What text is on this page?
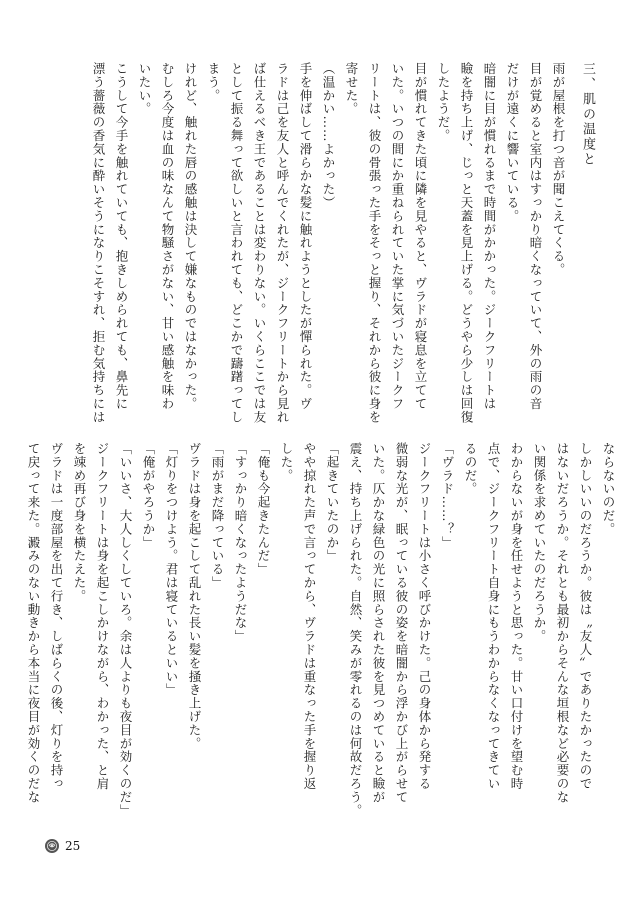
三、肌の温度と

雨が屋根を打つ音が聞こえてくる。

目が覚めると室内はすっかり暗くなっていて、外の雨の音

だけが遠くに響いている。

暗闇に目が慣れるまで時間がかかった。ジークフリートは

瞼を持ち上げ、じっと天蓋を見上げる。どうやら少しは回復

したようだ。

目が慣れてきた頃に隣を見やると、ヴラドが寝息を立てて

いた。いつの間にか重ねられていた掌に気づいたジークフ

リートは、彼の骨張った手をそっと握り、それから彼に身を

寄せた。

（温かい……よかった）

手を伸ばして滑らかな髪に触れようとしたが憚られた。ヴ

ラドは己を友人と呼んでくれたが、ジークフリートから見れ

ば仕えるべき王であることは変わりない。いくらここでは友

として振る舞って欲しいと言われても、どこかで躊躇ってし

まう。

けれど、触れた唇の感触は決して嫌なものではなかった。

むしろ今度は血の味なんて物騒さがない、甘い感触を味わ

いたい。

こうして今手を触れていても、抱きしめられても、鼻先に

漂う薔薇の香気に酔いそうになりこそすれ、拒む気持ちには

ならないのだ。

しかしいいのだろうか。彼は〝友人〟でありたかったので

はないだろうか。それとも最初からそんな垣根など必要のな

い関係を求めていたのだろうか。

わからないが身を任せようと思った。甘い口付けを望む時

点で、ジークフリート自身にもうわからなくなってきてい

るのだ。

「ヴラド……？」

ジークフリートは小さく呼びかけた。己の身体から発する

微弱な光が、眠っている彼の姿を暗闇から浮かび上がらせて

いた。仄かな緑色の光に照らされた彼を見つめていると瞼が

震え、持ち上げられた。自然、笑みが零れるのは何故だろう。

「起きていたのか」

やや掠れた声で言ってから、ヴラドは重なった手を握り返

した。

「俺も今起きたんだ」

「すっかり暗くなったようだな」

「雨がまだ降っている」

ヴラドは身を起こして乱れた長い髪を掻き上げた。

「灯りをつけよう。君は寝ているといい」

「俺がやろうか」

「いいさ、大人しくしていろ。余は人よりも夜目が効くのだ」

ジークフリートは身を起こしかけながら、わかった、と肩

を竦め再び身を横たえた。

ヴラドは一度部屋を出て行き、しばらくの後、灯りを持っ

て戻って来た。澱みのない動きから本当に夜目が効くのだな

25
